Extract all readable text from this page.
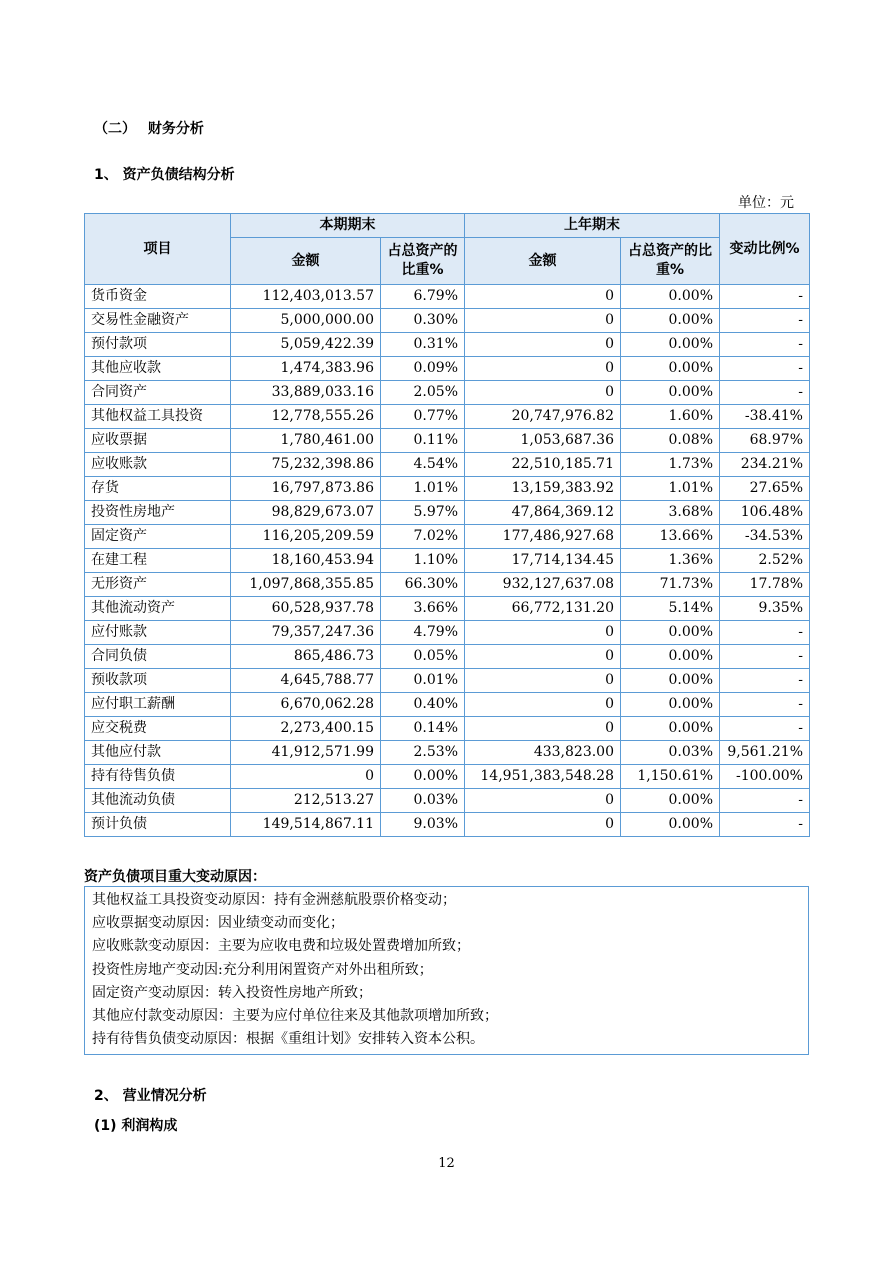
（二）　 财务分析
1、 资产负债结构分析
单位：元
项目	本期期末		上年期末		变动比例%
	金额	占总资产的比重%	金额	占总资产的比重%	
货币资金	112,403,013.57	6.79%	0	0.00%	-
交易性金融资产	5,000,000.00	0.30%	0	0.00%	-
预付款项	5,059,422.39	0.31%	0	0.00%	-
其他应收款	1,474,383.96	0.09%	0	0.00%	-
合同资产	33,889,033.16	2.05%	0	0.00%	-
其他权益工具投资	12,778,555.26	0.77%	20,747,976.82	1.60%	-38.41%
应收票据	1,780,461.00	0.11%	1,053,687.36	0.08%	68.97%
应收账款	75,232,398.86	4.54%	22,510,185.71	1.73%	234.21%
存货	16,797,873.86	1.01%	13,159,383.92	1.01%	27.65%
投资性房地产	98,829,673.07	5.97%	47,864,369.12	3.68%	106.48%
固定资产	116,205,209.59	7.02%	177,486,927.68	13.66%	-34.53%
在建工程	18,160,453.94	1.10%	17,714,134.45	1.36%	2.52%
无形资产	1,097,868,355.85	66.30%	932,127,637.08	71.73%	17.78%
其他流动资产	60,528,937.78	3.66%	66,772,131.20	5.14%	9.35%
应付账款	79,357,247.36	4.79%	0	0.00%	-
合同负债	865,486.73	0.05%	0	0.00%	-
预收款项	4,645,788.77	0.01%	0	0.00%	-
应付职工薪酬	6,670,062.28	0.40%	0	0.00%	-
应交税费	2,273,400.15	0.14%	0	0.00%	-
其他应付款	41,912,571.99	2.53%	433,823.00	0.03%	9,561.21%
持有待售负债	0	0.00%	14,951,383,548.28	1,150.61%	-100.00%
其他流动负债	212,513.27	0.03%	0	0.00%	-
预计负债	149,514,867.11	9.03%	0	0.00%	-
资产负债项目重大变动原因：
其他权益工具投资变动原因：持有金洲慈航股票价格变动；
应收票据变动原因：因业绩变动而变化；
应收账款变动原因：主要为应收电费和垃圾处置费增加所致；
投资性房地产变动因:充分利用闲置资产对外出租所致；
固定资产变动原因：转入投资性房地产所致；
其他应付款变动原因：主要为应付单位往来及其他款项增加所致；
持有待售负债变动原因：根据《重组计划》安排转入资本公积。
2、 营业情况分析
(1) 利润构成
12
